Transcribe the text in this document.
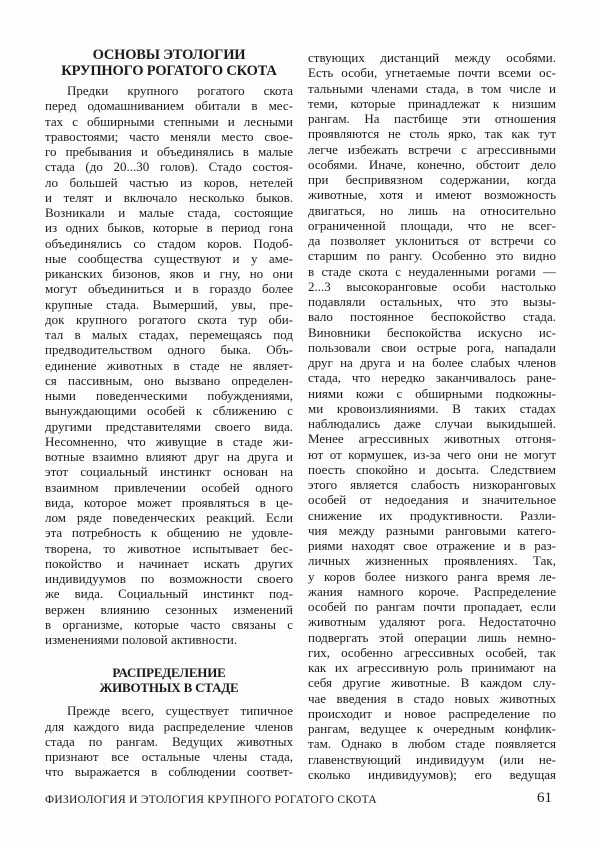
ОСНОВЫ ЭТОЛОГИИ
КРУПНОГО РОГАТОГО СКОТА
Предки крупного рогатого скота
перед одомашниванием обитали в мес-
тах с обширными степными и лесными
травостоями; часто меняли место свое-
го пребывания и объединялись в малые
стада (до 20...30 голов). Стадо состоя-
ло большей частью из коров, нетелей
и телят и включало несколько быков.
Возникали и малые стада, состоящие
из одних быков, которые в период гона
объединялись со стадом коров. Подоб-
ные сообщества существуют и у аме-
риканских бизонов, яков и гну, но они
могут объединиться и в гораздо более
крупные стада. Вымерший, увы, пре-
док крупного рогатого скота тур оби-
тал в малых стадах, перемещаясь под
предводительством одного быка. Объ-
единение животных в стаде не являет-
ся пассивным, оно вызвано определен-
ными поведенческими побуждениями,
вынуждающими особей к сближению с
другими представителями своего вида.
Несомненно, что живущие в стаде жи-
вотные взаимно влияют друг на друга и
этот социальный инстинкт основан на
взаимном привлечении особей одного
вида, которое может проявляться в це-
лом ряде поведенческих реакций. Если
эта потребность к общению не удовле-
творена, то животное испытывает бес-
покойство и начинает искать других
индивидуумов по возможности своего
же вида. Социальный инстинкт под-
вержен влиянию сезонных изменений
в организме, которые часто связаны с
изменениями половой активности.
РАСПРЕДЕЛЕНИЕ
ЖИВОТНЫХ В СТАДЕ
Прежде всего, существует типичное
для каждого вида распределение членов
стада по рангам. Ведущих животных
признают все остальные члены стада,
что выражается в соблюдении соответ-
ствующих дистанций между особями.
Есть особи, угнетаемые почти всеми ос-
тальными членами стада, в том числе и
теми, которые принадлежат к низшим
рангам. На пастбище эти отношения
проявляются не столь ярко, так как тут
легче избежать встречи с агрессивными
особями. Иначе, конечно, обстоит дело
при беспривязном содержании, когда
животные, хотя и имеют возможность
двигаться, но лишь на относительно
ограниченной площади, что не всег-
да позволяет уклониться от встречи со
старшим по рангу. Особенно это видно
в стаде скота с неудаленными рогами —
2...3 высокоранговые особи настолько
подавляли остальных, что это вызы-
вало постоянное беспокойство стада.
Виновники беспокойства искусно ис-
пользовали свои острые рога, нападали
друг на друга и на более слабых членов
стада, что нередко заканчивалось ране-
ниями кожи с обширными подкожны-
ми кровоизлияниями. В таких стадах
наблюдались даже случаи выкидышей.
Менее агрессивных животных отгоня-
ют от кормушек, из-за чего они не могут
поесть спокойно и досыта. Следствием
этого является слабость низкоранговых
особей от недоедания и значительное
снижение их продуктивности. Разли-
чия между разными ранговыми катего-
риями находят свое отражение и в раз-
личных жизненных проявлениях. Так,
у коров более низкого ранга время ле-
жания намного короче. Распределение
особей по рангам почти пропадает, если
животным удаляют рога. Недостаточно
подвергать этой операции лишь немно-
гих, особенно агрессивных особей, так
как их агрессивную роль принимают на
себя другие животные. В каждом слу-
чае введения в стадо новых животных
происходит и новое распределение по
рангам, ведущее к очередным конфлик-
там. Однако в любом стаде появляется
главенствующий индивидуум (или не-
сколько индивидуумов); его ведущая
ФИЗИОЛОГИЯ И ЭТОЛОГИЯ КРУПНОГО РОГАТОГО СКОТА	61
